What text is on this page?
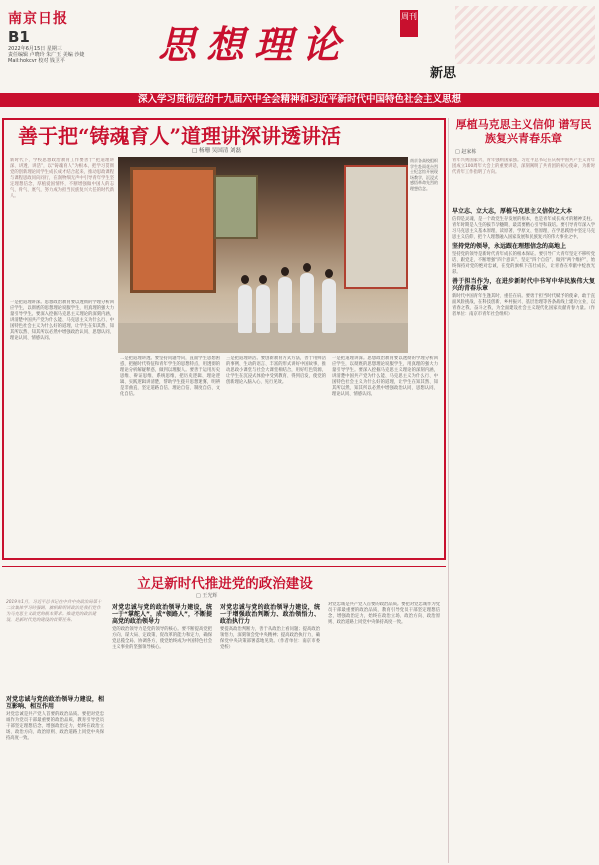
南京日报
B1
2022年6月15日 星期三
责任编辑 卢晓玲 朱广玉 美编 沙婕
Mail:hokcvr 校对 钱卫平	思想理论
周刊
新思
深入学习贯彻党的十九届六中全会精神和习近平新时代中国特色社会主义思想
善于把“铸魂育人”道理讲深讲透讲活
□ 杨珊 吴国清 刘磊
新时代下，学校思想政治教育工作要善于“把道理讲深、讲透、讲活”，以“铸魂育人”为根本，把学习贯彻党的创新理论同学生成长成才结合起来，推动思政课程与课程思政同向同行，在润物细无声中引导青年学生坚定理想信念，厚植爱国情怀，不断增强做中国人的志气、骨气、底气，努力成为担当民族复兴大任的时代新人。
南京各高校组织学生赴雨花台烈士纪念馆开展现场教学，沉浸式感悟革命先烈的理想信念。
一是把道理讲深。思想政治教育要以透彻的学理分析回应学生，以彻底的思想理论说服学生，用真理的强大力量引导学生。要深入挖掘马克思主义理论的深刻内涵，讲清楚中国共产党为什么能、马克思主义为什么行、中国特色社会主义为什么好的道理，让学生在知其然、知其所以然、知其所以必然中增强政治认同、思想认同、理论认同、情感认同。
二是把道理讲透。要坚持问题导向，直面学生思想困惑，把握时代特征和青年学生的思想特点，用透彻的理论分析解疑释惑，做到以理服人。要善于运用历史思维、辩证思维、系统思维，把历史逻辑、理论逻辑、实践逻辑讲清楚，帮助学生拨开思想迷雾，明辨是非曲直，坚定道路自信、理论自信、制度自信、文化自信。
三是把道理讲活。要创新教育方式方法，善于用鲜活的事例、生动的语言、丰富的形式讲好中国故事，推动思政小课堂与社会大课堂相结合，用好红色资源，让学生在沉浸式体验中受到教育、得到启发，使党的创新理论入脑入心、见行见效。
一是把道理讲深。思想政治教育要以透彻的学理分析回应学生，以彻底的思想理论说服学生，用真理的强大力量引导学生。要深入挖掘马克思主义理论的深刻内涵，讲清楚中国共产党为什么能、马克思主义为什么行、中国特色社会主义为什么好的道理，让学生在知其然、知其所以然、知其所以必然中增强政治认同、思想认同、理论认同、情感认同。
厚植马克思主义信仰 谱写民族复兴青春乐章
□ 赵家栋
青年兴则国家兴，青年强则国家强。习近平总书记在庆祝中国共产主义青年团成立100周年大会上的重要讲话，深刻阐明了共青团的初心使命，为新时代青年工作指明了方向。
早立志、立大志，厚植马克思主义信仰之大本
信仰是灵魂，是一个政党生存发展的根本，也是青年成长成才的精神支柱。青年时期是人生的拔节孕穗期，最需要精心引导和栽培。要引导青年深入学习马克思主义基本原理，读原著、学原文、悟原理，在学思践悟中坚定马克思主义信仰，把个人理想融入国家发展和民族复兴的伟大事业之中。
坚持党的领导，永远跟在理想信念的高地上
坚持党的领导是新时代青年成长的根本保证。要引导广大青年坚定不移听党话、跟党走，不断增强“四个意识”、坚定“四个自信”、做到“两个维护”，始终保持对党的绝对忠诚，在党的旗帜下茁壮成长，让青春在奉献中绽放光彩。
善于担当作为，在进步新时代中书写中华民族伟大复兴的青春乐章
新时代中国青年生逢其时、重任在肩。要勇于担当时代赋予的使命，敢于直面风险挑战，在科技创新、乡村振兴、基层治理等各条战线上建功立业，以青春之我、奋斗之我，为全面建设社会主义现代化国家贡献青春力量。（作者单位：南京市青年社会组织）
立足新时代推进党的政治建设
□ 王光辉
2019年1月，习近平总书记在中共中央政治局第十二次集体学习时强调，旗帜鲜明讲政治是我们党作为马克思主义政党的根本要求。推进党的政治建设，是新时代党的建设的首要任务。
对党忠诚与党的政治领导力建设，相互影响、相互作用
对党忠诚是共产党人首要的政治品质。要把对党忠诚作为党员干部最重要的政治品质，教育引导党员干部坚定理想信念，增强政治定力，始终在政治立场、政治方向、政治原则、政治道路上同党中央保持高度一致。
对党忠诚与党的政治领导力建设，统一于“掌舵人”，成“领路人”，不断提高党的政治领导力
党的政治领导力是党的领导的核心。要不断提高党把方向、谋大局、定政策、促改革的能力和定力，确保党总揽全局、协调各方，使党始终成为中国特色社会主义事业的坚强领导核心。
对党忠诚与党的政治领导力建设，统一于增强政治判断力、政治领悟力、政治执行力
要提高政治判断力，善于从政治上看问题；提高政治领悟力，深刻领会党中央精神；提高政治执行力，确保党中央决策部署落地见效。（作者单位：南京市委党校）
对党忠诚是共产党人首要的政治品质。要把对党忠诚作为党员干部最重要的政治品质，教育引导党员干部坚定理想信念，增强政治定力，始终在政治立场、政治方向、政治原则、政治道路上同党中央保持高度一致。
